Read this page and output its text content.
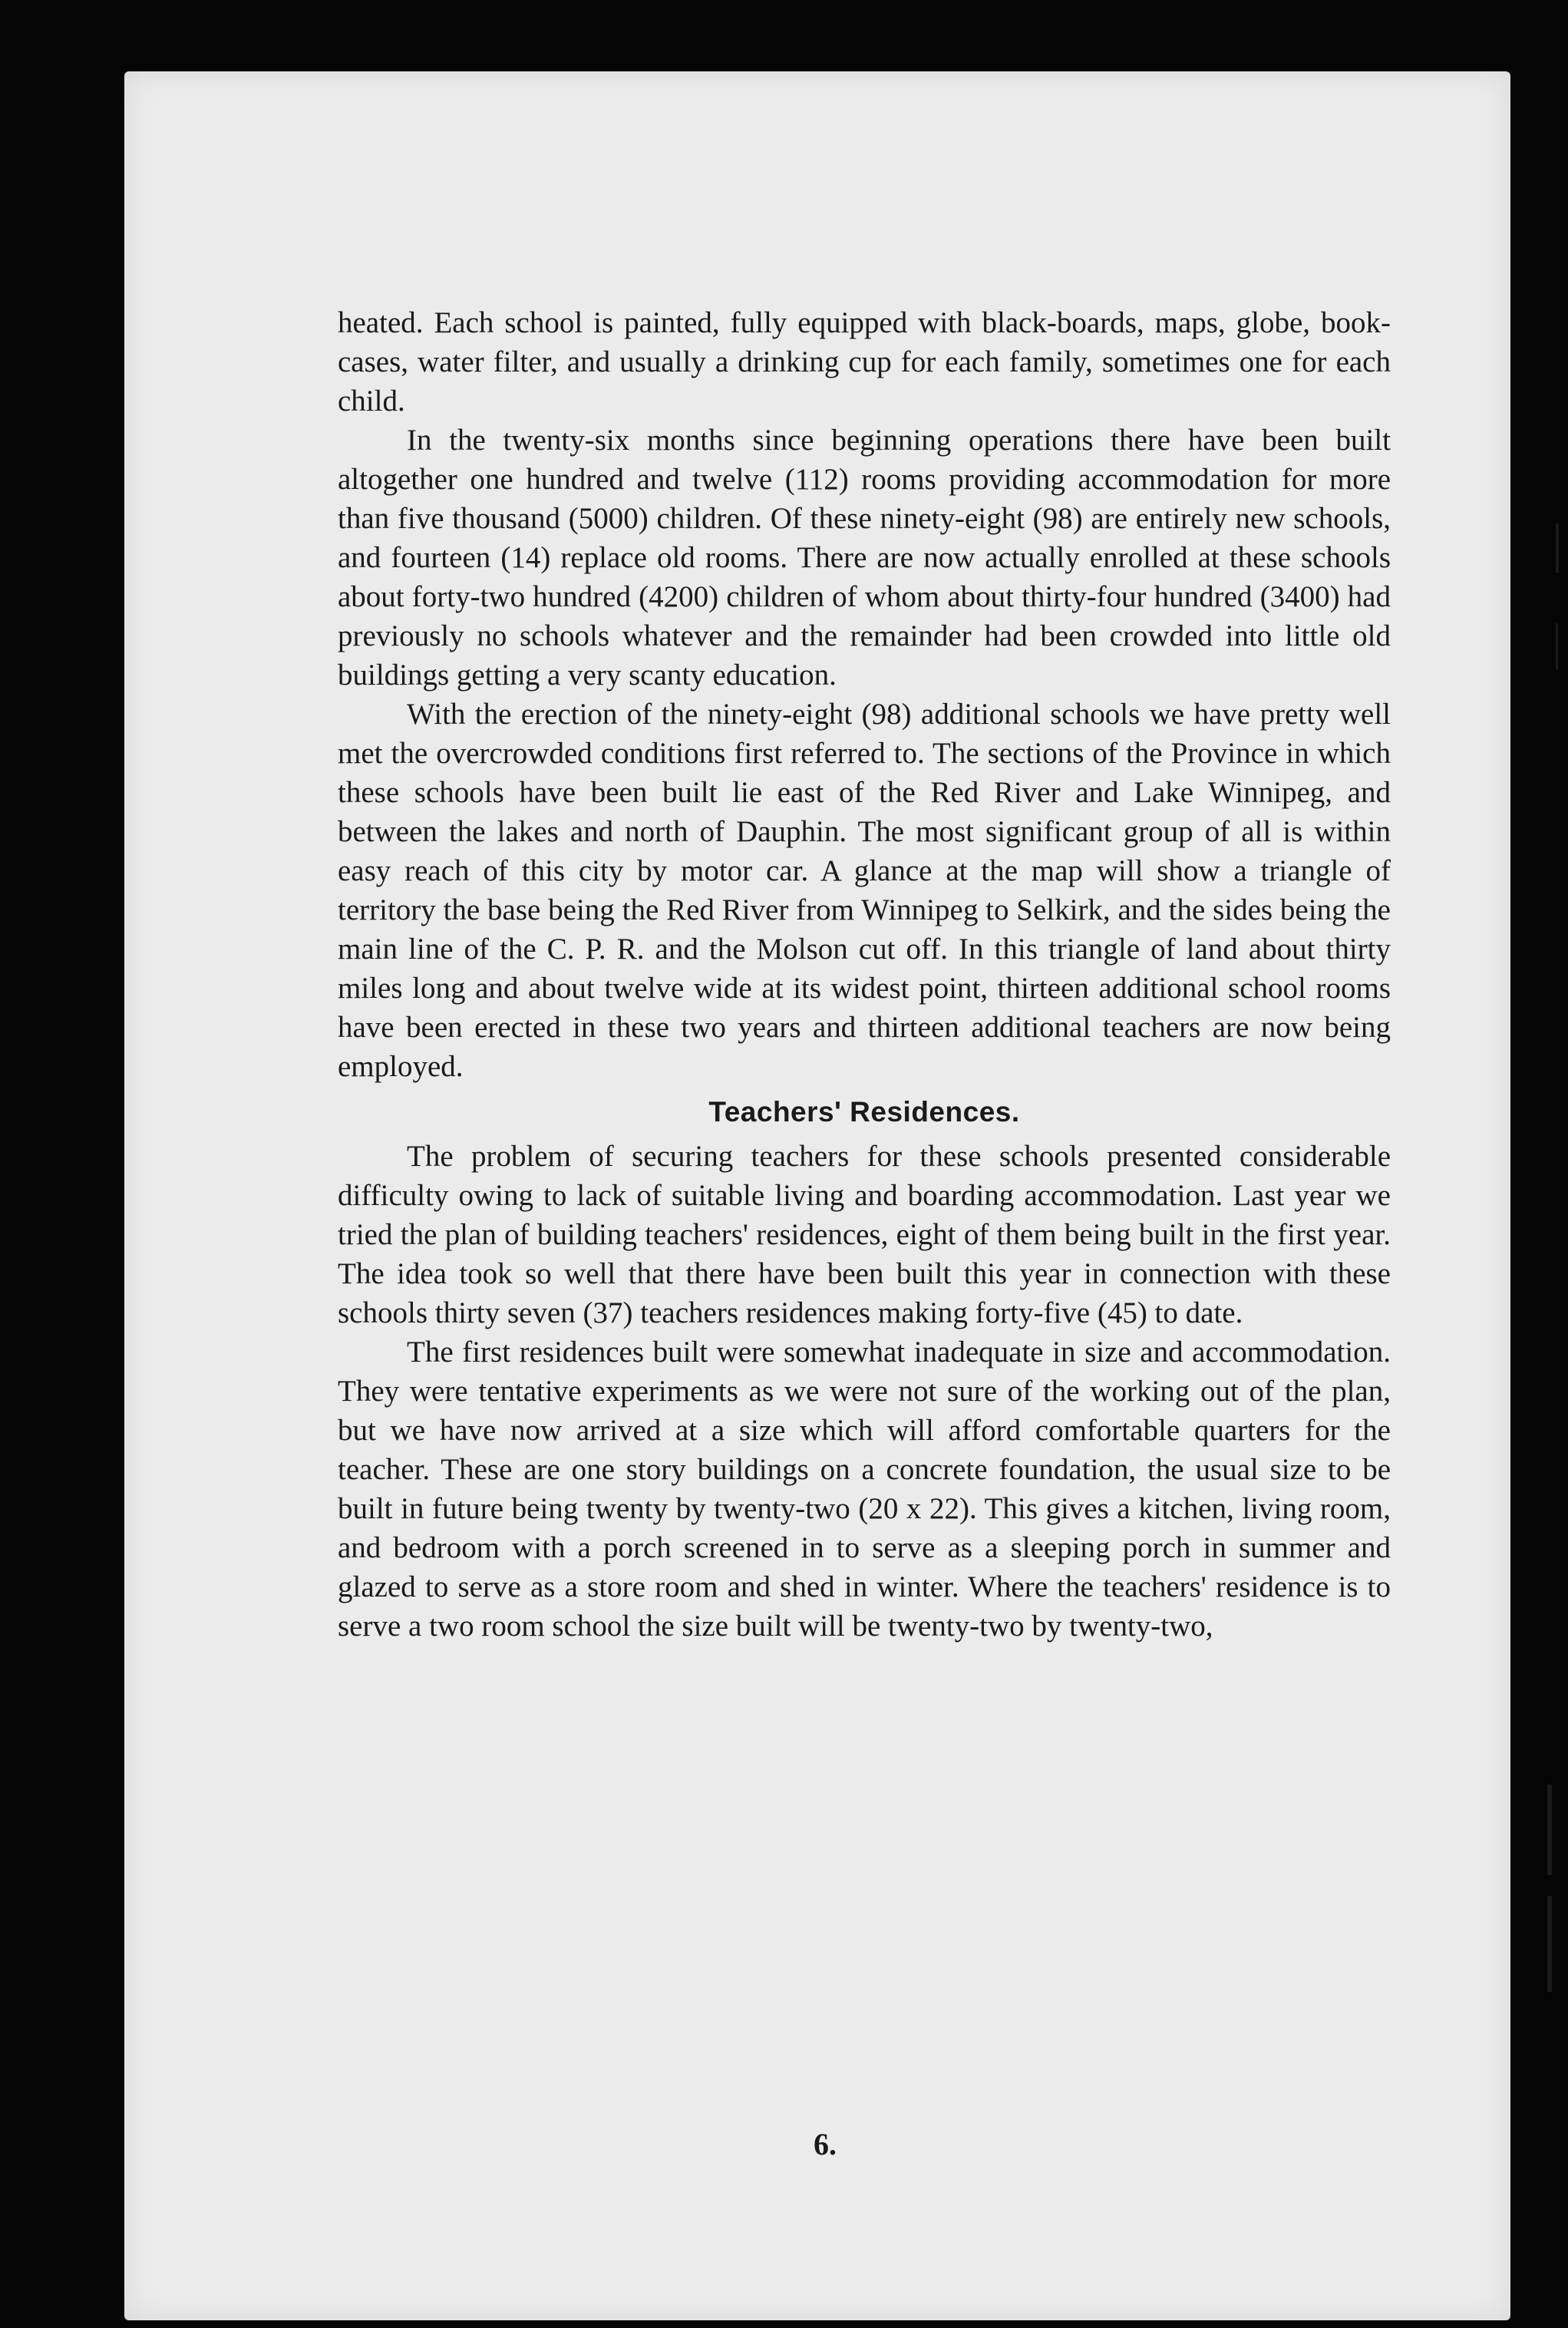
heated. Each school is painted, fully equipped with black-boards, maps, globe, book-cases, water filter, and usually a drinking cup for each family, sometimes one for each child.

In the twenty-six months since beginning operations there have been built altogether one hundred and twelve (112) rooms providing accommodation for more than five thousand (5000) children. Of these ninety-eight (98) are entirely new schools, and fourteen (14) replace old rooms. There are now actually enrolled at these schools about forty-two hundred (4200) children of whom about thirty-four hundred (3400) had previously no schools whatever and the remainder had been crowded into little old buildings getting a very scanty education.

With the erection of the ninety-eight (98) additional schools we have pretty well met the overcrowded conditions first referred to. The sections of the Province in which these schools have been built lie east of the Red River and Lake Winnipeg, and between the lakes and north of Dauphin. The most significant group of all is within easy reach of this city by motor car. A glance at the map will show a triangle of territory the base being the Red River from Winnipeg to Selkirk, and the sides being the main line of the C. P. R. and the Molson cut off. In this triangle of land about thirty miles long and about twelve wide at its widest point, thirteen additional school rooms have been erected in these two years and thirteen additional teachers are now being employed.

Teachers' Residences.

The problem of securing teachers for these schools presented considerable difficulty owing to lack of suitable living and boarding accommodation. Last year we tried the plan of building teachers' residences, eight of them being built in the first year. The idea took so well that there have been built this year in connection with these schools thirty seven (37) teachers residences making forty-five (45) to date.

The first residences built were somewhat inadequate in size and accommodation. They were tentative experiments as we were not sure of the working out of the plan, but we have now arrived at a size which will afford comfortable quarters for the teacher. These are one story buildings on a concrete foundation, the usual size to be built in future being twenty by twenty-two (20 x 22). This gives a kitchen, living room, and bedroom with a porch screened in to serve as a sleeping porch in summer and glazed to serve as a store room and shed in winter. Where the teachers' residence is to serve a two room school the size built will be twenty-two by twenty-two,

6.
